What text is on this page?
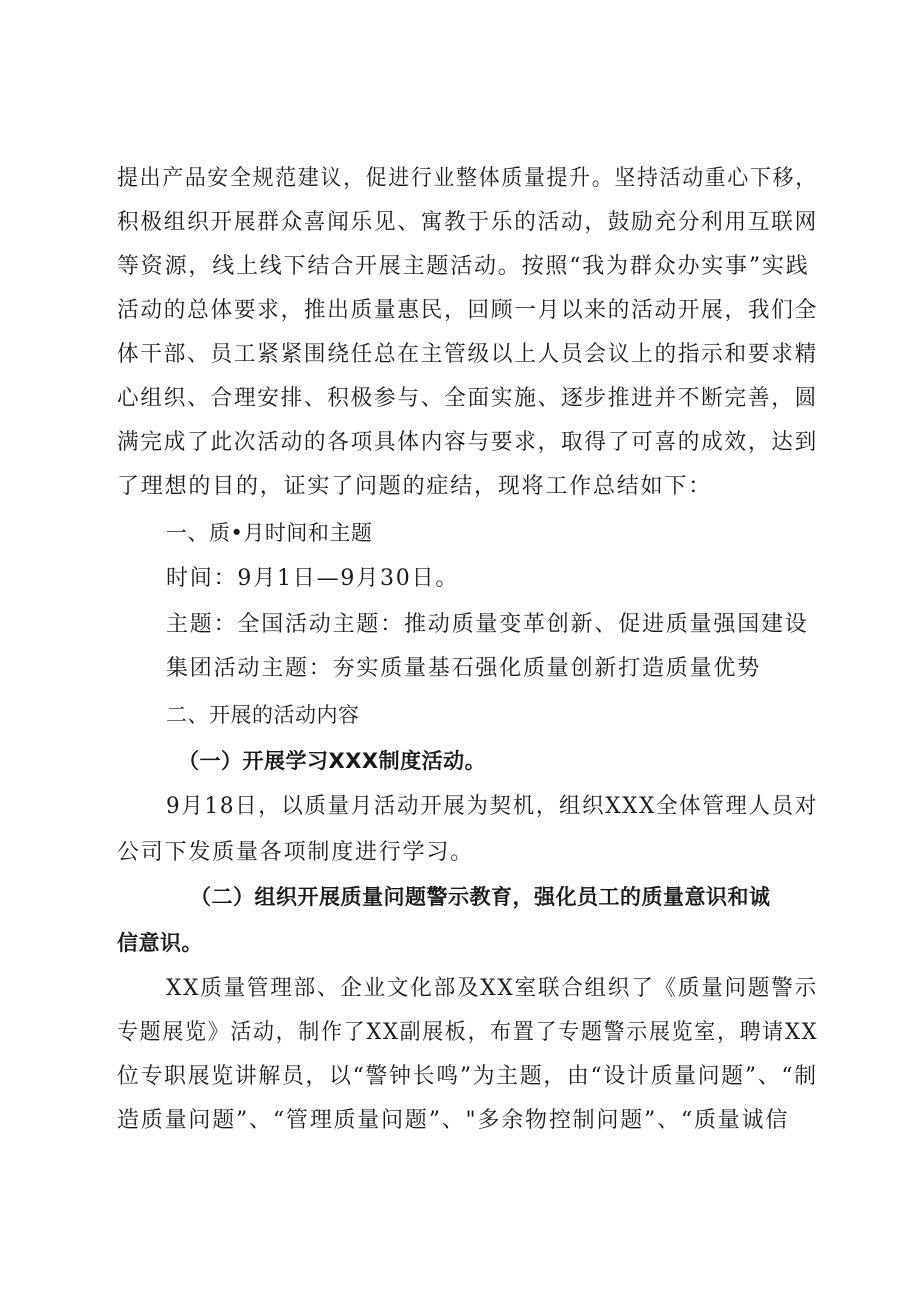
提出产品安全规范建议，促进行业整体质量提升。坚持活动重心下移，
积极组织开展群众喜闻乐见、寓教于乐的活动，鼓励充分利用互联网
等资源，线上线下结合开展主题活动。按照“我为群众办实事”实践
活动的总体要求，推出质量惠民，回顾一月以来的活动开展，我们全
体干部、员工紧紧围绕任总在主管级以上人员会议上的指示和要求精
心组织、合理安排、积极参与、全面实施、逐步推进并不断完善，圆
满完成了此次活动的各项具体内容与要求，取得了可喜的成效，达到
了理想的目的，证实了问题的症结，现将工作总结如下：
一、质•月时间和主题
时间：9月1日—9月30日。
主题：全国活动主题：推动质量变革创新、促进质量强国建设
集团活动主题：夯实质量基石强化质量创新打造质量优势
二、开展的活动内容
（一）开展学习XXX制度活动。
9月18日，以质量月活动开展为契机，组织XXX全体管理人员对
公司下发质量各项制度进行学习。
（二）组织开展质量问题警示教育，强化员工的质量意识和诚
信意识。
XX质量管理部、企业文化部及XX室联合组织了《质量问题警示
专题展览》活动，制作了XX副展板，布置了专题警示展览室，聘请XX
位专职展览讲解员，以“警钟长鸣”为主题，由“设计质量问题”、“制
造质量问题”、“管理质量问题”、"多余物控制问题”、“质量诚信
